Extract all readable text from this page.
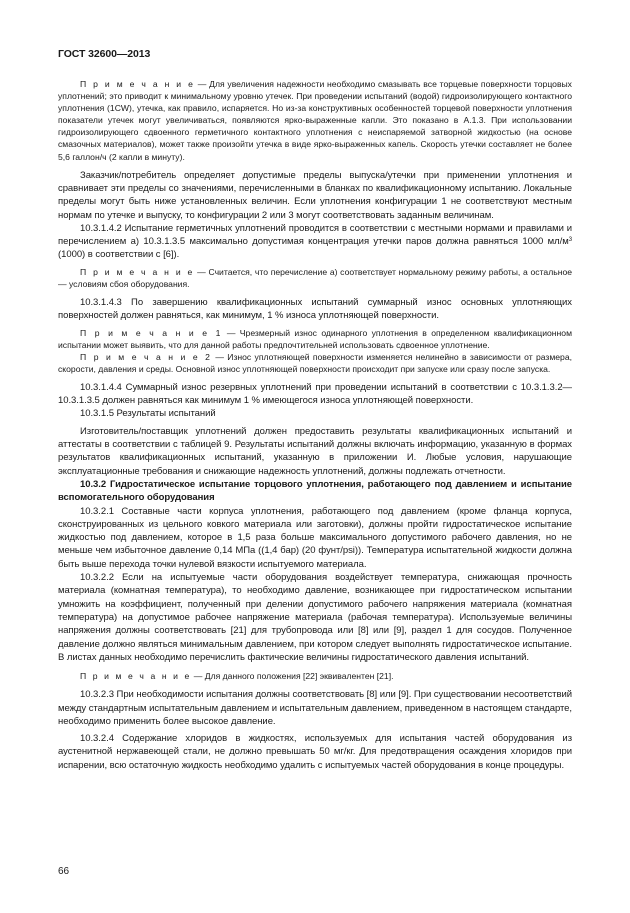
ГОСТ 32600—2013

П р и м е ч а н и е — Для увеличения надежности необходимо смазывать все торцевые поверхности торцовых уплотнений; это приводит к минимальному уровню утечек. При проведении испытаний (водой) гидроизолирующего контактного уплотнения (1CW), утечка, как правило, испаряется. Но из-за конструктивных особенностей торцевой поверхности уплотнения показатели утечек могут увеличиваться, появляются ярко-выраженные капли. Это показано в А.1.3. При использовании гидроизолирующего сдвоенного герметичного контактного уплотнения с неиспаряемой затворной жидкостью (на основе смазочных материалов), может также произойти утечка в виде ярко-выраженных капель. Скорость утечки составляет не более 5,6 галлон/ч (2 капли в минуту).

Заказчик/потребитель определяет допустимые пределы выпуска/утечки при применении уплотнения и сравнивает эти пределы со значениями, перечисленными в бланках по квалификационному испытанию. Локальные пределы могут быть ниже установленных величин. Если уплотнения конфигурации 1 не соответствуют местным нормам по утечке и выпуску, то конфигурации 2 или 3 могут соответствовать заданным величинам.

10.3.1.4.2 Испытание герметичных уплотнений проводится в соответствии с местными нормами и правилами и перечислением а) 10.3.1.3.5 максимально допустимая концентрация утечки паров должна равняться 1000 $мл/м^3$ (1000) в соответствии с [6]).

П р и м е ч а н и е — Считается, что перечисление а) соответствует нормальному режиму работы, а остальное — условиям сбоя оборудования.

10.3.1.4.3 По завершению квалификационных испытаний суммарный износ основных уплотняющих поверхностей должен равняться, как минимум, 1 % износа уплотняющей поверхности.

П р и м е ч а н и е 1 — Чрезмерный износ одинарного уплотнения в определенном квалификационном испытании может выявить, что для данной работы предпочтительней использовать сдвоенное уплотнение.

П р и м е ч а н и е 2 — Износ уплотняющей поверхности изменяется нелинейно в зависимости от размера, скорости, давления и среды. Основной износ уплотняющей поверхности происходит при запуске или сразу после запуска.

10.3.1.4.4 Суммарный износ резервных уплотнений при проведении испытаний в соответствии с 10.3.1.3.2—10.3.1.3.5 должен равняться как минимум 1 % имеющегося износа уплотняющей поверхности.

10.3.1.5 Результаты испытаний

Изготовитель/поставщик уплотнений должен предоставить результаты квалификационных испытаний и аттестаты в соответствии с таблицей 9. Результаты испытаний должны включать информацию, указанную в формах результатов квалификационных испытаний, указанную в приложении И. Любые условия, нарушающие эксплуатационные требования и снижающие надежность уплотнений, должны подлежать отчетности.

10.3.2 Гидростатическое испытание торцового уплотнения, работающего под давлением и испытание вспомогательного оборудования

10.3.2.1 Составные части корпуса уплотнения, работающего под давлением (кроме фланца корпуса, сконструированных из цельного ковкого материала или заготовки), должны пройти гидростатическое испытание жидкостью под давлением, которое в 1,5 раза больше максимального допустимого рабочего давления, но не меньше чем избыточное давление 0,14 МПа ((1,4 бар) (20 фунт/psi)). Температура испытательной жидкости должна быть выше перехода точки нулевой вязкости испытуемого материала.

10.3.2.2 Если на испытуемые части оборудования воздействует температура, снижающая прочность материала (комнатная температура), то необходимо давление, возникающее при гидростатическом испытании умножить на коэффициент, полученный при делении допустимого рабочего напряжения материала (комнатная температура) на допустимое рабочее напряжение материала (рабочая температура). Используемые величины напряжения должны соответствовать [21] для трубопровода или [8] или [9], раздел 1 для сосудов. Полученное давление должно являться минимальным давлением, при котором следует выполнять гидростатическое испытание. В листах данных необходимо перечислить фактические величины гидростатического давления испытаний.

П р и м е ч а н и е — Для данного положения [22] эквивалентен [21].

10.3.2.3 При необходимости испытания должны соответствовать [8] или [9]. При существовании несоответствий между стандартным испытательным давлением и испытательным давлением, приведенном в настоящем стандарте, необходимо применить более высокое давление.

10.3.2.4 Содержание хлоридов в жидкостях, используемых для испытания частей оборудования из аустенитной нержавеющей стали, не должно превышать 50 мг/кг. Для предотвращения осаждения хлоридов при испарении, всю остаточную жидкость необходимо удалить с испытуемых частей оборудования в конце процедуры.

66
